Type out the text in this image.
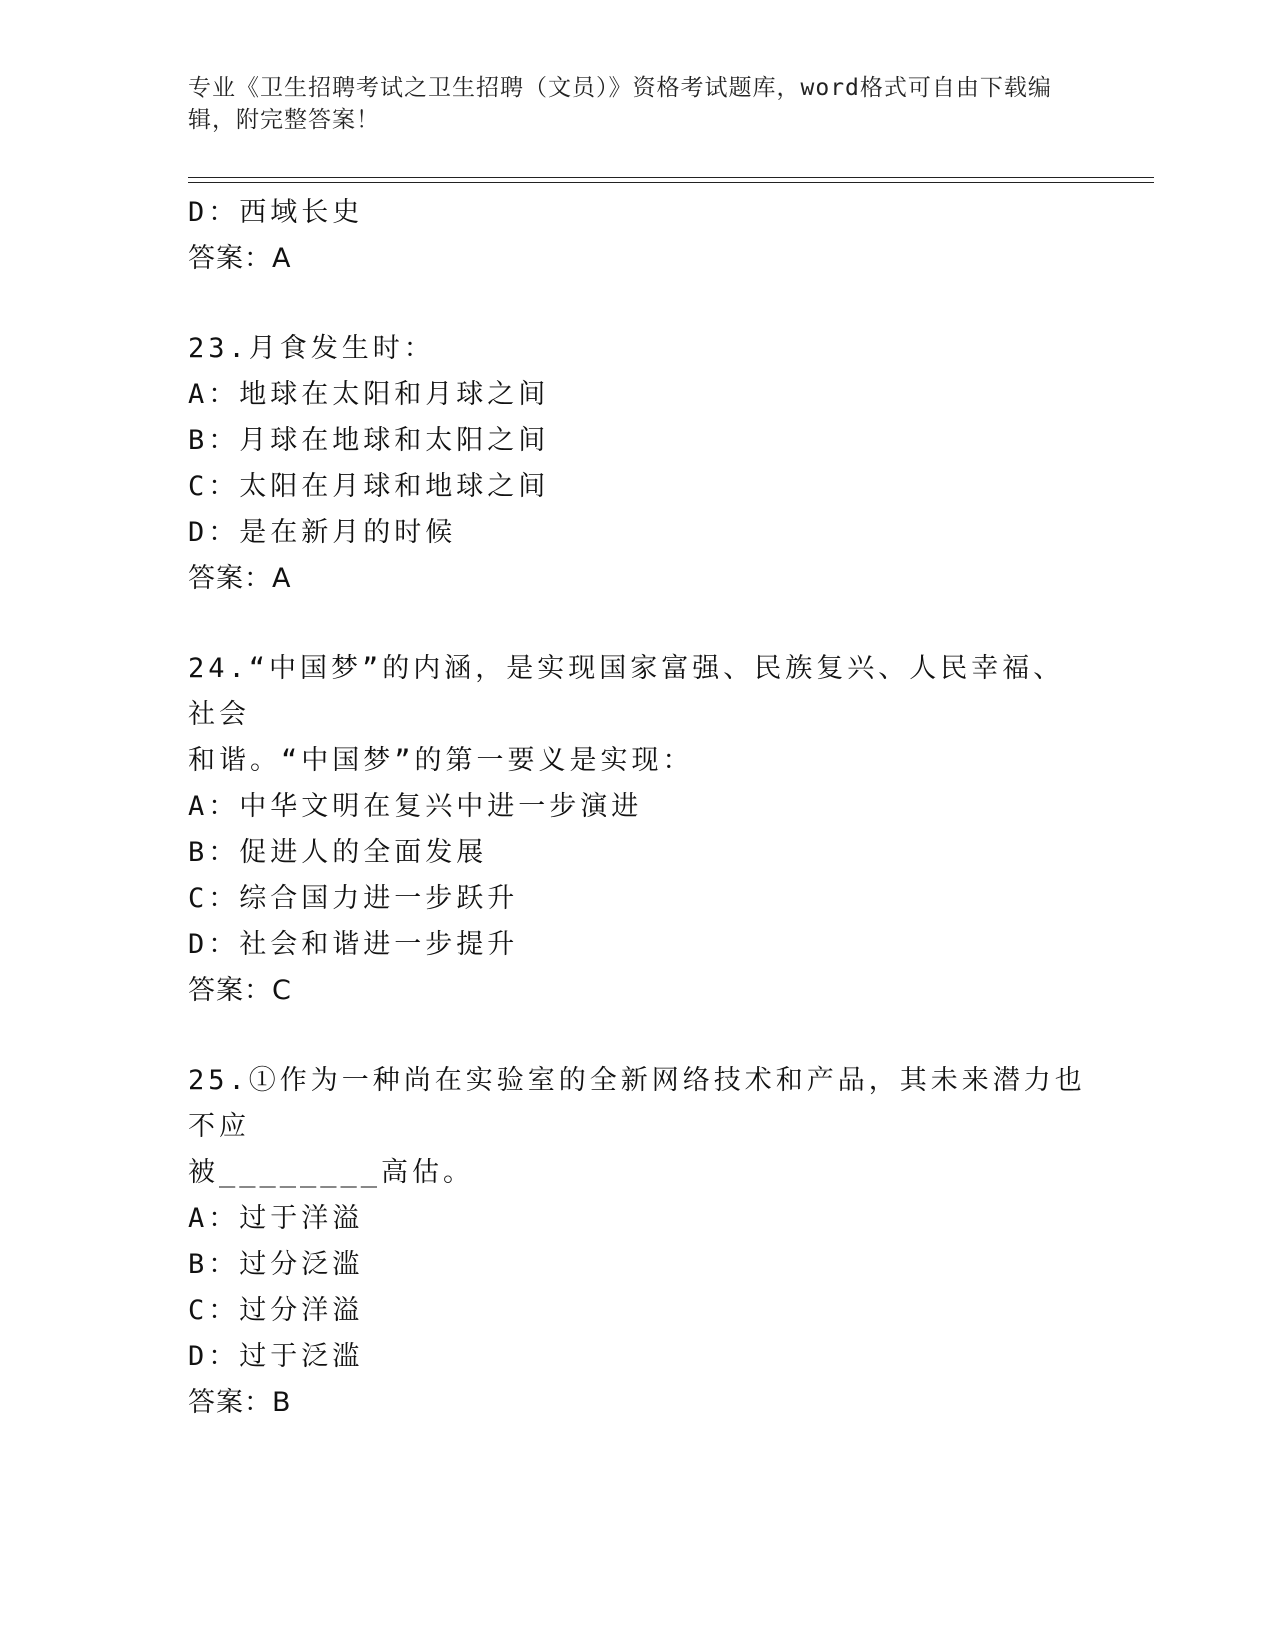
专业《卫生招聘考试之卫生招聘（文员）》资格考试题库，word格式可自由下载编辑，附完整答案！
D：西域长史
答案：A
23.月食发生时：
A：地球在太阳和月球之间
B：月球在地球和太阳之间
C：太阳在月球和地球之间
D：是在新月的时候
答案：A
24.“中国梦”的内涵，是实现国家富强、民族复兴、人民幸福、社会
和谐。“中国梦”的第一要义是实现：
A：中华文明在复兴中进一步演进
B：促进人的全面发展
C：综合国力进一步跃升
D：社会和谐进一步提升
答案：C
25.①作为一种尚在实验室的全新网络技术和产品，其未来潜力也不应
被________高估。
A：过于洋溢
B：过分泛滥
C：过分洋溢
D：过于泛滥
答案：B
